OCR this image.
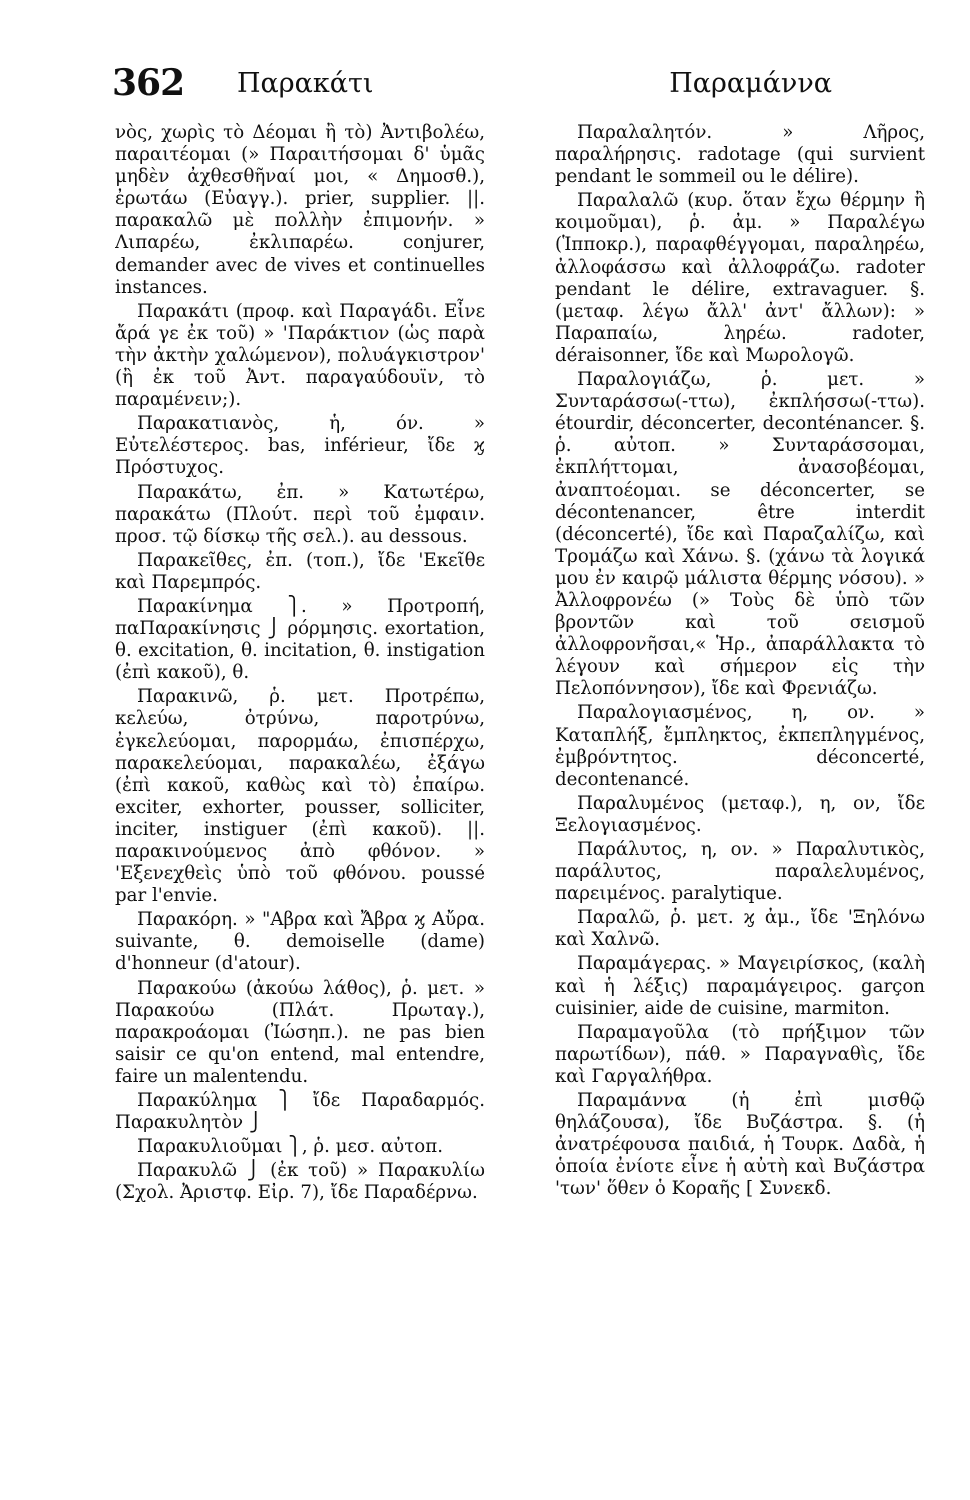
362 Παρακάτι	Παραμάννα

νὸς, χωρὶς τὸ Δέομαι ἢ τὸ) Ἀντιβολέω, παραιτέομαι (» Παραιτήσομαι δ' ὑμᾶς μηδὲν ἀχθεσθῆναί μοι, « Δημοσθ.), ἐρωτάω (Εὐαγγ.). prier, supplier. ||. παρακαλῶ μὲ πολλὴν ἐπιμονήν. » Λιπαρέω, ἐκλιπαρέω. conjurer, demander avec de vives et continuelles instances.

Παρακάτι (προφ. καὶ Παραγάδι. Εἶνε ἄρά γε ἐκ τοῦ) » 'Παράκτιον (ὡς παρὰ τὴν ἀκτὴν χαλώμενον), πολυάγκιστρον' (ἢ ἐκ τοῦ Ἀντ. παραγαύδουϊν, τὸ παραμένειν;).

Παρακατιανὸς, ἡ, όν. » Εὐτελέστερος. bas, inférieur, ἴδε ϗ Πρόστυχος.

Παρακάτω, ἐπ. » Κατωτέρω, παρακάτω (Πλούτ. περὶ τοῦ ἐμφαιν. προσ. τῷ δίσκῳ τῆς σελ.). au dessous.

Παρακεῖθες, ἐπ. (τοπ.), ἴδε 'Εκεῖθε καὶ Παρεμπρός.

Παρακίνημα ⎫. » Προτροπή, παΠαρακίνησις ⎭ ρόρμησις. exortation, θ. excitation, θ. incitation, θ. instigation (ἐπὶ κακοῦ), θ.

Παρακινῶ, ῥ. μετ. Προτρέπω, κελεύω, ὀτρύνω, παροτρύνω, ἐγκελεύομαι, παρορμάω, ἐπισπέρχω, παρακελεύομαι, παρακαλέω, ἐξάγω (ἐπὶ κακοῦ, καθὼς καὶ τὸ) ἐπαίρω. exciter, exhorter, pousser, solliciter, inciter, instiguer (ἐπὶ κακοῦ). ||. παρακινούμενος ἀπὸ φθόνον. » 'Εξενεχθεὶς ὑπὸ τοῦ φθόνου. poussé par l'envie.

Παρακόρη. » "Αβρα καὶ Ἄβρα ϗ Αὔρα. suivante, θ. demoiselle (dame) d'honneur (d'atour).

Παρακούω (ἀκούω λάθος), ῥ. μετ. » Παρακούω (Πλάτ. Πρωταγ.), παρακροάομαι (Ἰώσηπ.). ne pas bien saisir ce qu'on entend, mal entendre, faire un malentendu.

Παρακύλημα ⎫ ἴδε Παραδαρμός. Παρακυλητὸν ⎭

Παρακυλιοῦμαι ⎫, ῥ. μεσ. αὐτοπ.

Παρακυλῶ ⎭ (ἐκ τοῦ) » Παρακυλίω (Σχολ. Ἀριστφ. Εἰρ. 7), ἴδε Παραδέρνω.

Παραλαλητόν. » Λῆρος, παραλήρησις. radotage (qui survient pendant le sommeil ou le délire).

Παραλαλῶ (κυρ. ὅταν ἔχω θέρμην ἢ κοιμοῦμαι), ῥ. ἀμ. » Παραλέγω (Ἱπποκρ.), παραφθέγγομαι, παραληρέω, ἀλλοφάσσω καὶ ἀλλοφράζω. radoter pendant le délire, extravaguer. §. (μεταφ. λέγω ἄλλ' ἀντ' ἄλλων): » Παραπαίω, ληρέω. radoter, déraisonner, ἴδε καὶ Μωρολογῶ.

Παραλογιάζω, ῥ. μετ. » Συνταράσσω(-ττω), ἐκπλήσσω(-ττω). étourdir, déconcerter, deconténancer. §. ῥ. αὐτοπ. » Συνταράσσομαι, ἐκπλήττομαι, ἀνασοβέομαι, ἀναπτοέομαι. se déconcerter, se décontenancer, être interdit (déconcerté), ἴδε καὶ Παραζαλίζω, καὶ Τρομάζω καὶ Χάνω. §. (χάνω τὰ λογικά μου ἐν καιρῷ μάλιστα θέρμης νόσου). » Ἀλλοφρονέω (» Τοὺς δὲ ὑπὸ τῶν βροντῶν καὶ τοῦ σεισμοῦ ἀλλοφρονῆσαι,« Ἡρ., ἀπαράλλακτα τὸ λέγουν καὶ σήμερον εἰς τὴν Πελοπόννησον), ἴδε καὶ Φρενιάζω.

Παραλογιασμένος, η, ον. » Καταπλήξ, ἔμπληκτος, ἐκπεπληγμένος, ἐμβρόντητος. déconcerté, decontenancé.

Παραλυμένος (μεταφ.), η, ον, ἴδε Ξελογιασμένος.

Παράλυτος, η, ον. » Παραλυτικὸς, παράλυτος, παραλελυμένος, παρειμένος. paralytique.

Παραλῶ, ῥ. μετ. ϗ ἀμ., ἴδε 'Ξηλόνω καὶ Χαλνῶ.

Παραμάγερας. » Μαγειρίσκος, (καλὴ καὶ ἡ λέξις) παραμάγειρος. garçon cuisinier, aide de cuisine, marmiton.

Παραμαγοῦλα (τὸ πρήξιμον τῶν παρωτίδων), πάθ. » Παραγναθὶς, ἴδε καὶ Γαργαλήθρα.

Παραμάννα (ἡ ἐπὶ μισθῷ θηλάζουσα), ἴδε Βυζάστρα. §. (ἡ ἀνατρέφουσα παιδιά, ἡ Τουρκ. Δαδὰ, ἡ ὁποία ἐνίοτε εἶνε ἡ αὐτὴ καὶ Βυζάστρα 'των' ὅθεν ὁ Κοραῆς [ Συνεκδ.
